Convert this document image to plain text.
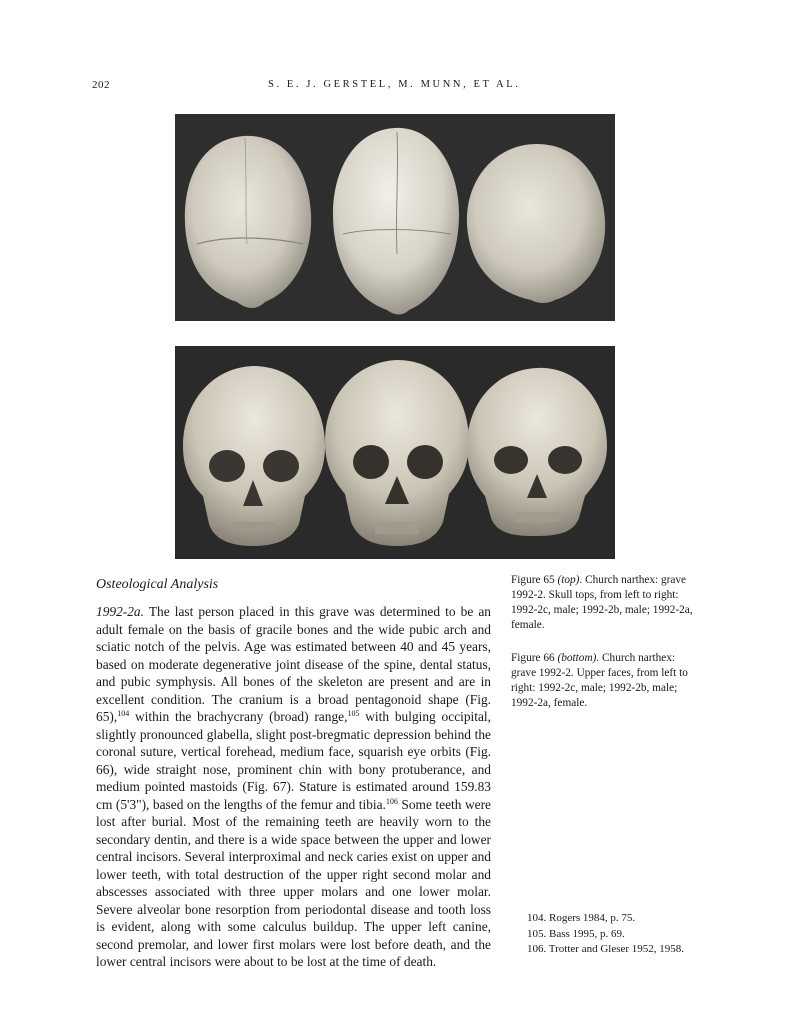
202	S. E. J. GERSTEL, M. MUNN, ET AL.
Osteological Analysis

1992-2a. The last person placed in this grave was determined to be an adult female on the basis of gracile bones and the wide pubic arch and sciatic notch of the pelvis. Age was estimated between 40 and 45 years, based on moderate degenerative joint disease of the spine, dental status, and pubic symphysis. All bones of the skeleton are present and are in excellent condition. The cranium is a broad pentagonoid shape (Fig. 65),$^{104}$ within the brachycrany (broad) range,$^{105}$ with bulging occipital, slightly pronounced glabella, slight post-bregmatic depression behind the coronal suture, vertical forehead, medium face, squarish eye orbits (Fig. 66), wide straight nose, prominent chin with bony protuberance, and medium pointed mastoids (Fig. 67). Stature is estimated around 159.83 cm (5'3"), based on the lengths of the femur and tibia.$^{106}$ Some teeth were lost after burial. Most of the remaining teeth are heavily worn to the secondary dentin, and there is a wide space between the upper and lower central incisors. Several interproximal and neck caries exist on upper and lower teeth, with total destruction of the upper right second molar and abscesses associated with three upper molars and one lower molar. Severe alveolar bone resorption from periodontal disease and tooth loss is evident, along with some calculus buildup. The upper left canine, second premolar, and lower first molars were lost before death, and the lower central incisors were about to be lost at the time of death.

Figure 65 (top). Church narthex: grave 1992-2. Skull tops, from left to right: 1992-2c, male; 1992-2b, male; 1992-2a, female.
Figure 66 (bottom). Church narthex: grave 1992-2. Upper faces, from left to right: 1992-2c, male; 1992-2b, male; 1992-2a, female.
104. Rogers 1984, p. 75.
105. Bass 1995, p. 69.
106. Trotter and Gleser 1952, 1958.
